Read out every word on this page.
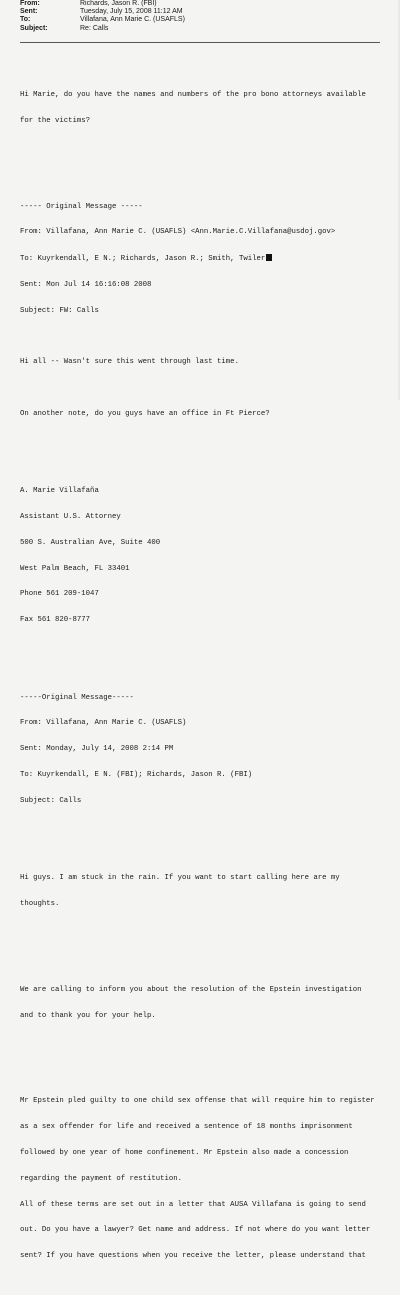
From:	Richards, Jason R. (FBI)
Sent:	Tuesday, July 15, 2008 11:12 AM
To:	Villafana, Ann Marie C. (USAFLS)
Subject:	Re: Calls

Hi Marie, do you have the names and numbers of the pro bono attorneys available

for the victims?

----- Original Message -----

From: Villafana, Ann Marie C. (USAFLS) <Ann.Marie.C.Villafana@usdoj.gov>

To: Kuyrkendall, E N.; Richards, Jason R.; Smith, Twiler

Sent: Mon Jul 14 16:16:08 2008

Subject: FW: Calls

Hi all -- Wasn't sure this went through last time.

On another note, do you guys have an office in Ft Pierce?

A. Marie Villafaña

Assistant U.S. Attorney

500 S. Australian Ave, Suite 400

West Palm Beach, FL 33401

Phone 561 209-1047

Fax 561 820-8777

-----Original Message-----

From: Villafana, Ann Marie C. (USAFLS)

Sent: Monday, July 14, 2008 2:14 PM

To: Kuyrkendall, E N. (FBI); Richards, Jason R. (FBI)

Subject: Calls

Hi guys. I am stuck in the rain. If you want to start calling here are my

thoughts.

We are calling to inform you about the resolution of the Epstein investigation

and to thank you for your help.

Mr Epstein pled guilty to one child sex offense that will require him to register

as a sex offender for life and received a sentence of 18 months imprisonment

followed by one year of home confinement. Mr Epstein also made a concession

regarding the payment of restitution.

All of these terms are set out in a letter that AUSA Villafana is going to send

out. Do you have a lawyer? Get name and address. If not where do you want letter

sent? If you have questions when you receive the letter, please understand that
